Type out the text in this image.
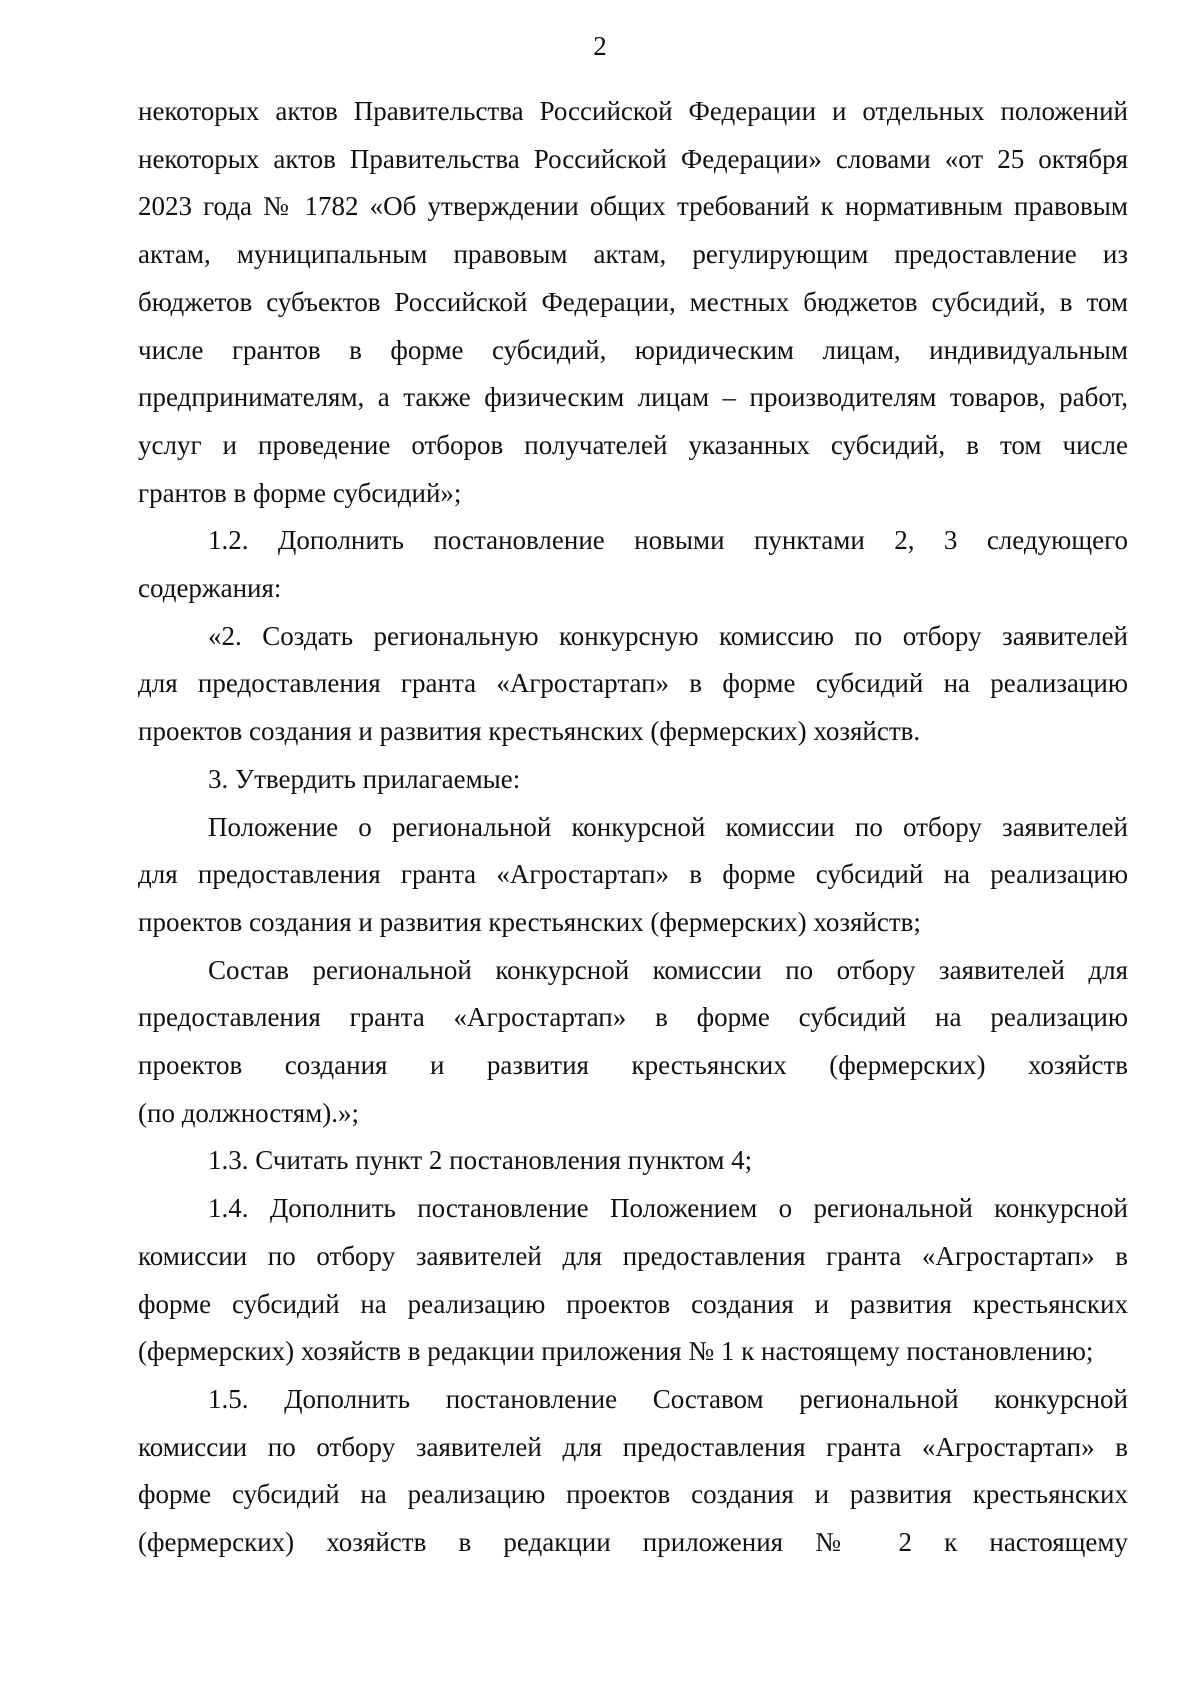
2

некоторых актов Правительства Российской Федерации и отдельных положений

некоторых актов Правительства Российской Федерации» словами «от 25 октября

2023 года № 1782 «Об утверждении общих требований к нормативным правовым

актам, муниципальным правовым актам, регулирующим предоставление из

бюджетов субъектов Российской Федерации, местных бюджетов субсидий, в том

числе грантов в форме субсидий, юридическим лицам, индивидуальным

предпринимателям, а также физическим лицам – производителям товаров, работ,

услуг и проведение отборов получателей указанных субсидий, в том числе

грантов в форме субсидий»;

1.2. Дополнить постановление новыми пунктами 2, 3 следующего

содержания:

«2. Создать региональную конкурсную комиссию по отбору заявителей

для предоставления гранта «Агростартап» в форме субсидий на реализацию

проектов создания и развития крестьянских (фермерских) хозяйств.

3. Утвердить прилагаемые:

Положение о региональной конкурсной комиссии по отбору заявителей

для предоставления гранта «Агростартап» в форме субсидий на реализацию

проектов создания и развития крестьянских (фермерских) хозяйств;

Состав региональной конкурсной комиссии по отбору заявителей для

предоставления гранта «Агростартап» в форме субсидий на реализацию

проектов создания и развития крестьянских (фермерских) хозяйств

(по должностям).»;

1.3. Считать пункт 2 постановления пунктом 4;

1.4. Дополнить постановление Положением о региональной конкурсной

комиссии по отбору заявителей для предоставления гранта «Агростартап» в

форме субсидий на реализацию проектов создания и развития крестьянских

(фермерских) хозяйств в редакции приложения № 1 к настоящему постановлению;

1.5. Дополнить постановление Составом региональной конкурсной

комиссии по отбору заявителей для предоставления гранта «Агростартап» в

форме субсидий на реализацию проектов создания и развития крестьянских

(фермерских) хозяйств в редакции приложения № 2 к настоящему
